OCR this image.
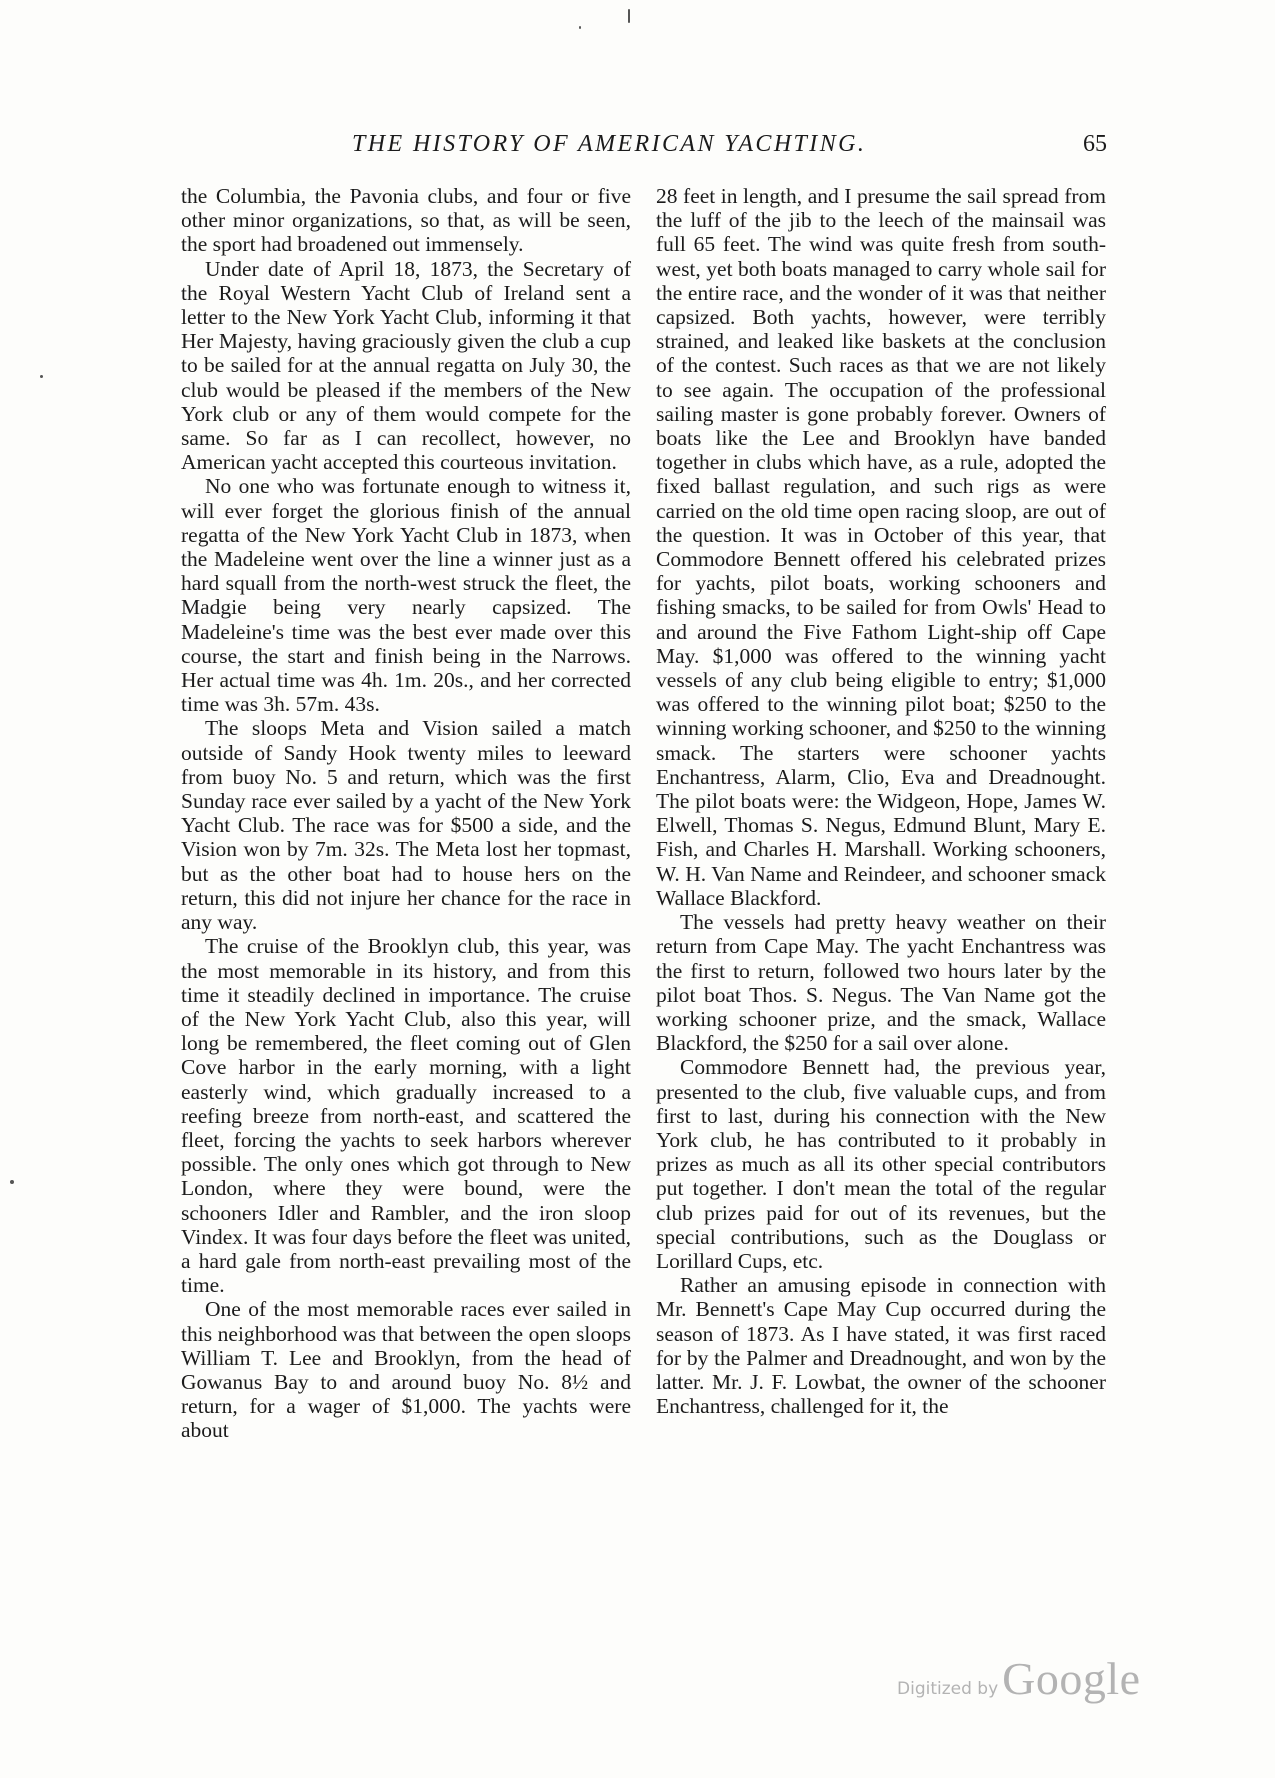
THE HISTORY OF AMERICAN YACHTING.	65

the Columbia, the Pavonia clubs, and four or five other minor organizations, so that, as will be seen, the sport had broadened out immensely.

Under date of April 18, 1873, the Secretary of the Royal Western Yacht Club of Ireland sent a letter to the New York Yacht Club, informing it that Her Majesty, having graciously given the club a cup to be sailed for at the annual regatta on July 30, the club would be pleased if the members of the New York club or any of them would compete for the same. So far as I can recollect, however, no American yacht accepted this courteous invitation.

No one who was fortunate enough to witness it, will ever forget the glorious finish of the annual regatta of the New York Yacht Club in 1873, when the Madeleine went over the line a winner just as a hard squall from the north-west struck the fleet, the Madgie being very nearly capsized. The Madeleine's time was the best ever made over this course, the start and finish being in the Narrows. Her actual time was 4h. 1m. 20s., and her corrected time was 3h. 57m. 43s.

The sloops Meta and Vision sailed a match outside of Sandy Hook twenty miles to leeward from buoy No. 5 and return, which was the first Sunday race ever sailed by a yacht of the New York Yacht Club. The race was for $500 a side, and the Vision won by 7m. 32s. The Meta lost her topmast, but as the other boat had to house hers on the return, this did not injure her chance for the race in any way.

The cruise of the Brooklyn club, this year, was the most memorable in its history, and from this time it steadily declined in importance. The cruise of the New York Yacht Club, also this year, will long be remembered, the fleet coming out of Glen Cove harbor in the early morning, with a light easterly wind, which gradually increased to a reefing breeze from north-east, and scattered the fleet, forcing the yachts to seek harbors wherever possible. The only ones which got through to New London, where they were bound, were the schooners Idler and Rambler, and the iron sloop Vindex. It was four days before the fleet was united, a hard gale from north-east prevailing most of the time.

One of the most memorable races ever sailed in this neighborhood was that between the open sloops William T. Lee and Brooklyn, from the head of Gowanus Bay to and around buoy No. 8½ and return, for a wager of $1,000. The yachts were about

28 feet in length, and I presume the sail spread from the luff of the jib to the leech of the mainsail was full 65 feet. The wind was quite fresh from south-west, yet both boats managed to carry whole sail for the entire race, and the wonder of it was that neither capsized. Both yachts, however, were terribly strained, and leaked like baskets at the conclusion of the contest. Such races as that we are not likely to see again. The occupation of the professional sailing master is gone probably forever. Owners of boats like the Lee and Brooklyn have banded together in clubs which have, as a rule, adopted the fixed ballast regulation, and such rigs as were carried on the old time open racing sloop, are out of the question. It was in October of this year, that Commodore Bennett offered his celebrated prizes for yachts, pilot boats, working schooners and fishing smacks, to be sailed for from Owls' Head to and around the Five Fathom Light-ship off Cape May. $1,000 was offered to the winning yacht vessels of any club being eligible to entry; $1,000 was offered to the winning pilot boat; $250 to the winning working schooner, and $250 to the winning smack. The starters were schooner yachts Enchantress, Alarm, Clio, Eva and Dreadnought. The pilot boats were: the Widgeon, Hope, James W. Elwell, Thomas S. Negus, Edmund Blunt, Mary E. Fish, and Charles H. Marshall. Working schooners, W. H. Van Name and Reindeer, and schooner smack Wallace Blackford.

The vessels had pretty heavy weather on their return from Cape May. The yacht Enchantress was the first to return, followed two hours later by the pilot boat Thos. S. Negus. The Van Name got the working schooner prize, and the smack, Wallace Blackford, the $250 for a sail over alone.

Commodore Bennett had, the previous year, presented to the club, five valuable cups, and from first to last, during his connection with the New York club, he has contributed to it probably in prizes as much as all its other special contributors put together. I don't mean the total of the regular club prizes paid for out of its revenues, but the special contributions, such as the Douglass or Lorillard Cups, etc.

Rather an amusing episode in connection with Mr. Bennett's Cape May Cup occurred during the season of 1873. As I have stated, it was first raced for by the Palmer and Dreadnought, and won by the latter. Mr. J. F. Lowbat, the owner of the schooner Enchantress, challenged for it, the

Digitized by Google
